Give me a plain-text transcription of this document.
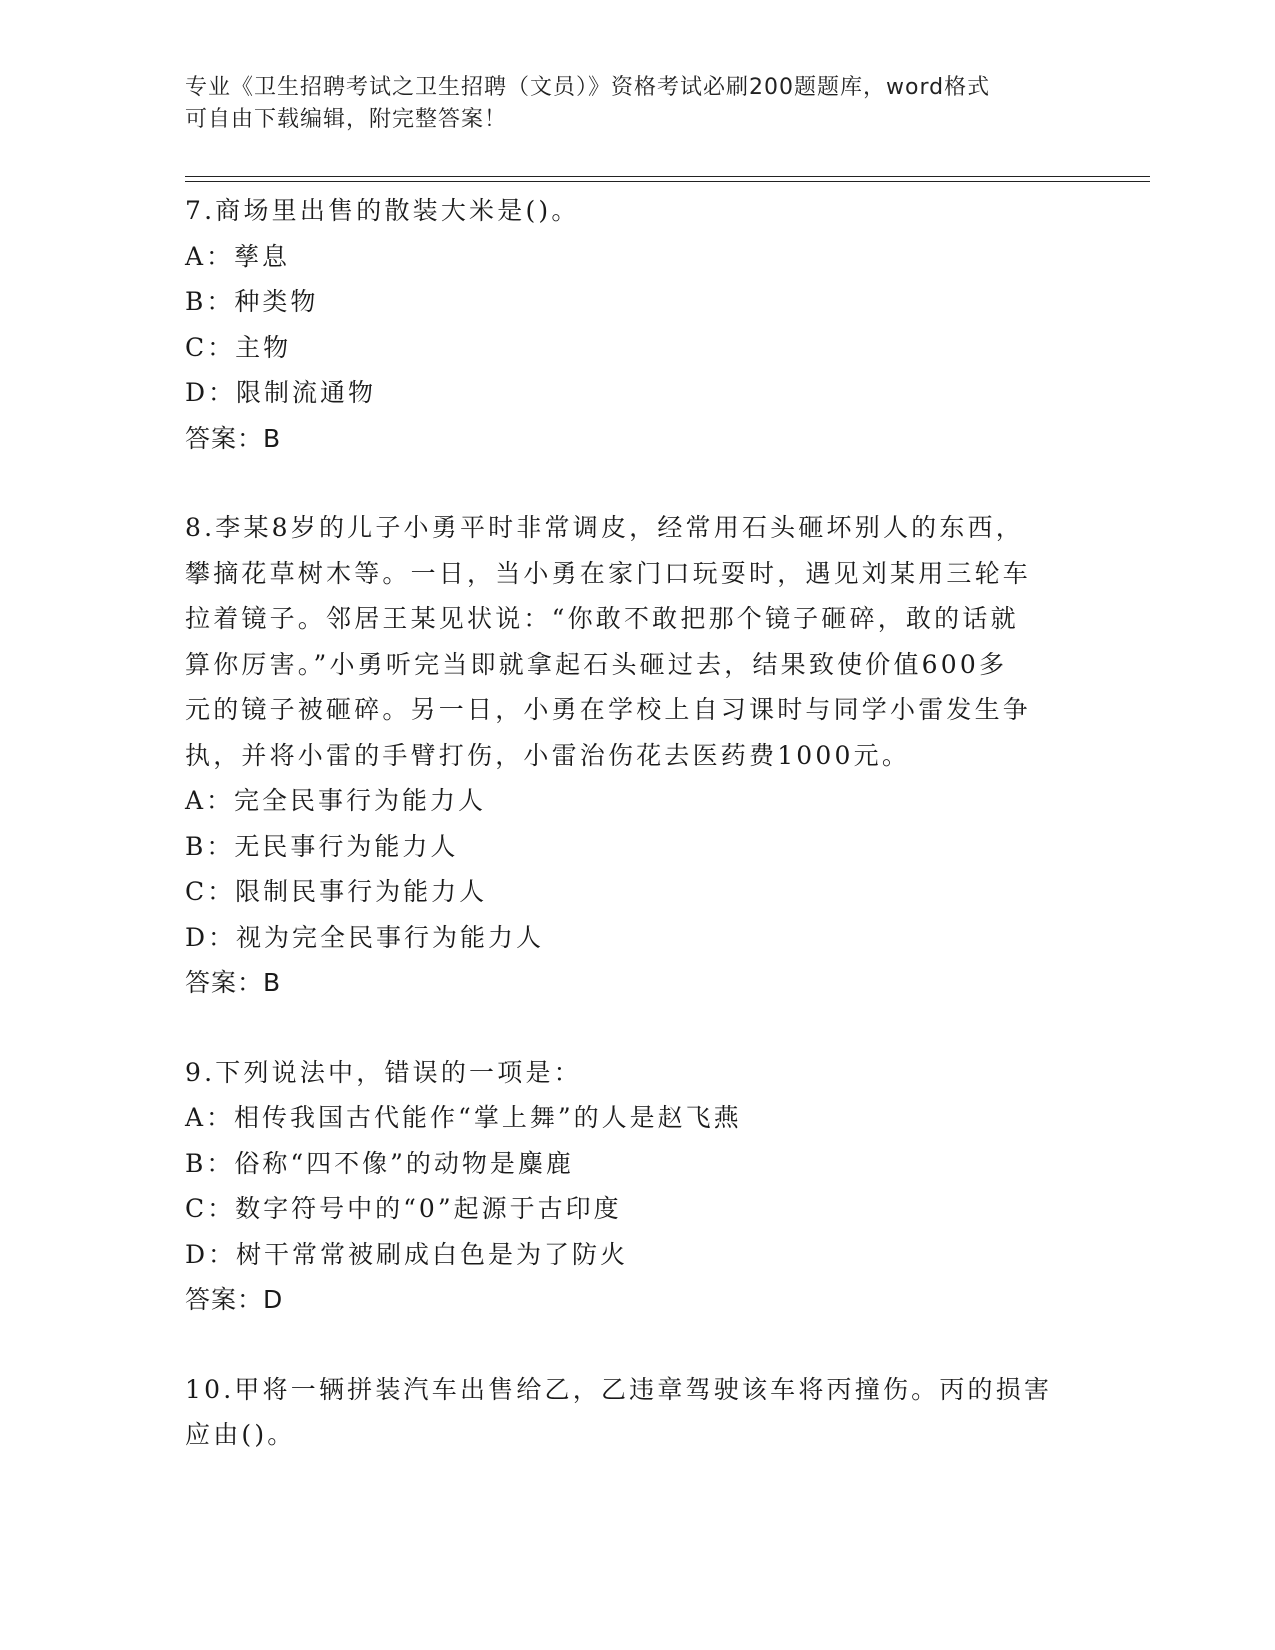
专业《卫生招聘考试之卫生招聘（文员）》资格考试必刷200题题库，word格式
可自由下载编辑，附完整答案！

7.商场里出售的散装大米是()。

A：孳息

B：种类物

C：主物

D：限制流通物

答案：B

8.李某8岁的儿子小勇平时非常调皮，经常用石头砸坏别人的东西，

攀摘花草树木等。一日，当小勇在家门口玩耍时，遇见刘某用三轮车

拉着镜子。邻居王某见状说：“你敢不敢把那个镜子砸碎，敢的话就

算你厉害。”小勇听完当即就拿起石头砸过去，结果致使价值600多

元的镜子被砸碎。另一日，小勇在学校上自习课时与同学小雷发生争

执，并将小雷的手臂打伤，小雷治伤花去医药费1000元。

A：完全民事行为能力人

B：无民事行为能力人

C：限制民事行为能力人

D：视为完全民事行为能力人

答案：B

9.下列说法中，错误的一项是：

A：相传我国古代能作“掌上舞”的人是赵飞燕

B：俗称“四不像”的动物是麋鹿

C：数字符号中的“0”起源于古印度

D：树干常常被刷成白色是为了防火

答案：D

10.甲将一辆拼装汽车出售给乙，乙违章驾驶该车将丙撞伤。丙的损害

应由()。
